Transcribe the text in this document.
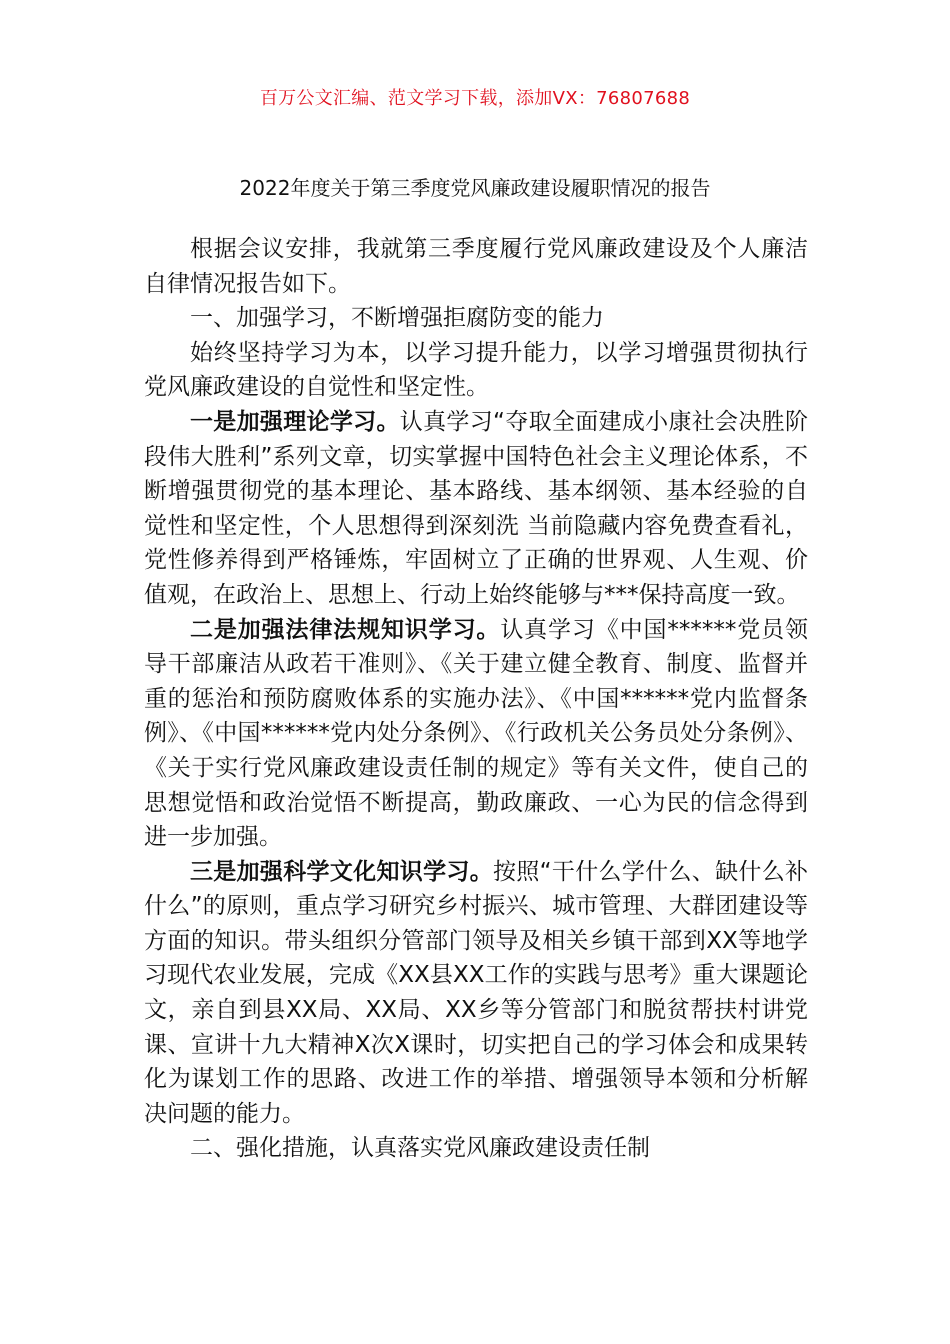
百万公文汇编、范文学习下载，添加VX：76807688
2022年度关于第三季度党风廉政建设履职情况的报告

根据会议安排，我就第三季度履行党风廉政建设及个人廉洁自律情况报告如下。

一、加强学习，不断增强拒腐防变的能力

始终坚持学习为本，以学习提升能力，以学习增强贯彻执行党风廉政建设的自觉性和坚定性。

一是加强理论学习。认真学习“夺取全面建成小康社会决胜阶段伟大胜利”系列文章，切实掌握中国特色社会主义理论体系，不断增强贯彻党的基本理论、基本路线、基本纲领、基本经验的自觉性和坚定性，个人思想得到深刻洗 当前隐藏内容免费查看礼，党性修养得到严格锤炼，牢固树立了正确的世界观、人生观、价值观，在政治上、思想上、行动上始终能够与***保持高度一致。

二是加强法律法规知识学习。认真学习《中国******党员领导干部廉洁从政若干准则》、《关于建立健全教育、制度、监督并重的惩治和预防腐败体系的实施办法》、《中国******党内监督条例》、《中国******党内处分条例》、《行政机关公务员处分条例》、《关于实行党风廉政建设责任制的规定》等有关文件，使自己的思想觉悟和政治觉悟不断提高，勤政廉政、一心为民的信念得到进一步加强。

三是加强科学文化知识学习。按照“干什么学什么、缺什么补什么”的原则，重点学习研究乡村振兴、城市管理、大群团建设等方面的知识。带头组织分管部门领导及相关乡镇干部到XX等地学习现代农业发展，完成《XX县XX工作的实践与思考》重大课题论文，亲自到县XX局、XX局、XX乡等分管部门和脱贫帮扶村讲党课、宣讲十九大精神X次X课时，切实把自己的学习体会和成果转化为谋划工作的思路、改进工作的举措、增强领导本领和分析解决问题的能力。

二、强化措施，认真落实党风廉政建设责任制
